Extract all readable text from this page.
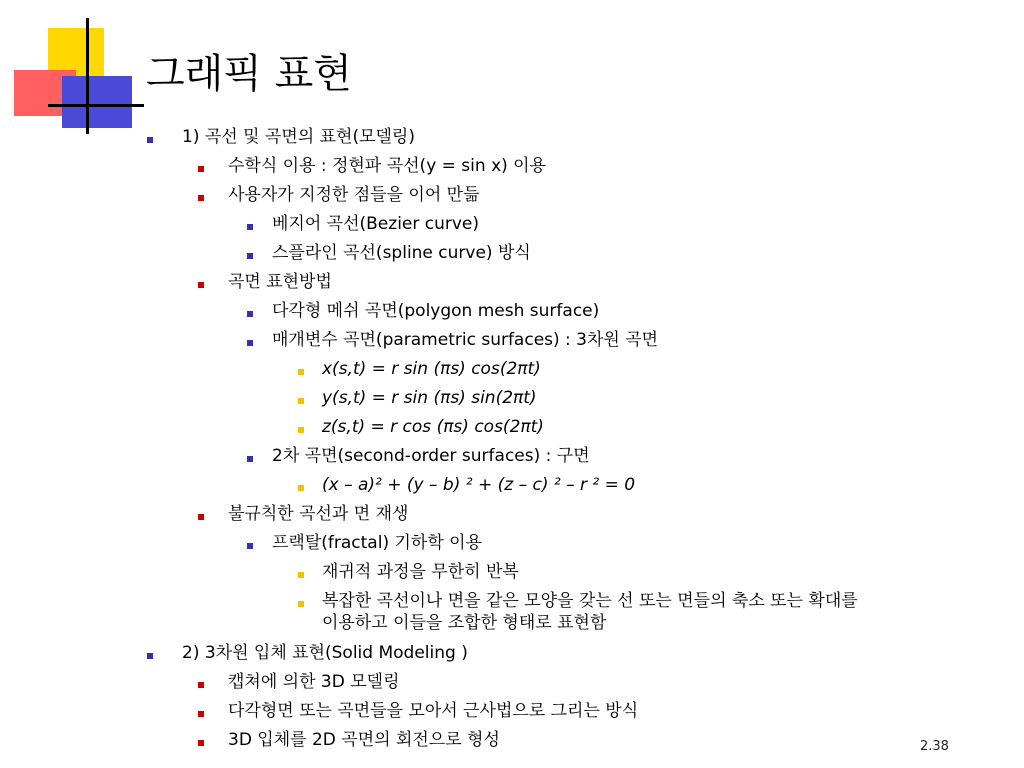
그래픽 표현
1) 곡선 및 곡면의 표현(모델링)
수학식 이용 : 정현파 곡선(y = sin x) 이용
사용자가 지정한 점들을 이어 만듦
베지어 곡선(Bezier curve)
스플라인 곡선(spline curve) 방식
곡면 표현방법
다각형 메쉬 곡면(polygon mesh surface)
매개변수 곡면(parametric surfaces) : 3차원 곡면
x(s,t) = r sin (πs) cos(2πt)
y(s,t) = r sin (πs) sin(2πt)
z(s,t) = r cos (πs) cos(2πt)
2차 곡면(second-order surfaces) : 구면
(x – a)² + (y – b) ² + (z – c) ² – r ² = 0
불규칙한 곡선과 면 재생
프랙탈(fractal) 기하학 이용
재귀적 과정을 무한히 반복
복잡한 곡선이나 면을 같은 모양을 갖는 선 또는 면들의 축소 또는 확대를
이용하고 이들을 조합한 형태로 표현함
2) 3차원 입체 표현(Solid Modeling )
캡쳐에 의한 3D 모델링
다각형면 또는 곡면들을 모아서 근사법으로 그리는 방식
3D 입체를 2D 곡면의 회전으로 형성	2.38
